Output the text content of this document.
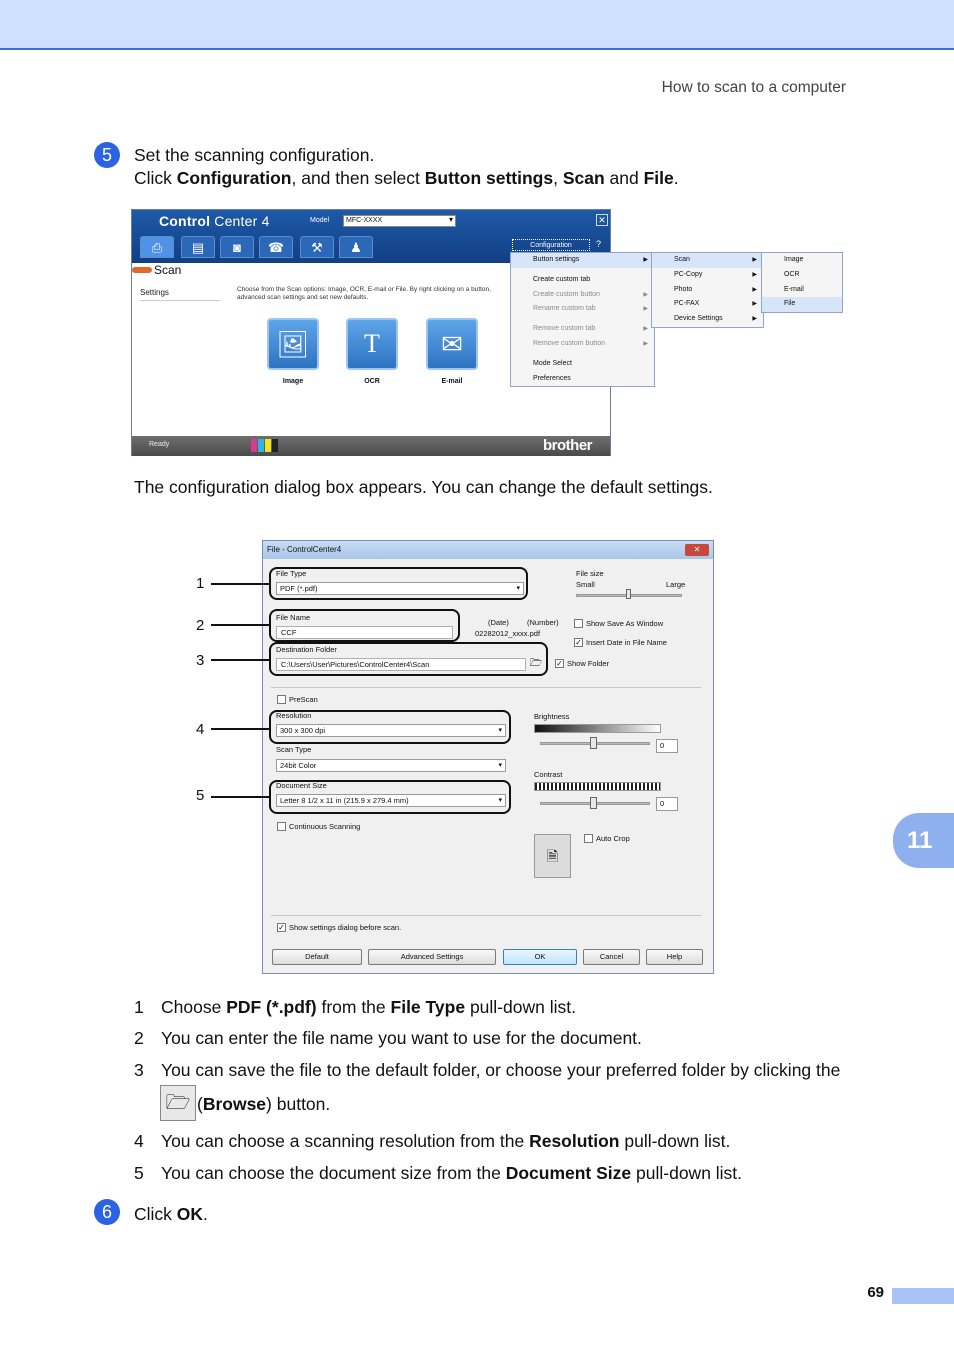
How to scan to a computer
5	Set the scanning configuration.
Click Configuration, and then select Button settings, Scan and File.
Control Center 4	Model	MFC-XXXX ▾	✕
⎙	▤	◙	☎	⚒	♟	Configuration	?
Scan
Settings	Choose from the Scan options: Image, OCR, E-mail or File. By right clicking on a button, advanced scan settings and set new defaults.
🖼
Image
T
OCR
✉
E-mail
Ready	brother
Button settings	▶
Create custom tab
Create custom button	▶
Rename custom tab	▶
Remove custom tab	▶
Remove custom button	▶
Mode Select
Preferences
Scan	▶
PC-Copy	▶
Photo	▶
PC-FAX	▶
Device Settings	▶
Image
OCR
E-mail
File
The configuration dialog box appears. You can change the default settings.
File - ControlCenter4	✕
File Type
PDF (*.pdf) ▾
File size
Small	Large
File Name
(Date) (Number)
CCF	02282012_xxxx.pdf
Show Save As Window
✓ Insert Date in File Name
Destination Folder
C:\Users\User\Pictures\ControlCenter4\Scan	🗁 ✓ Show Folder
PreScan
Resolution
300 x 300 dpi ▾
Scan Type
24bit Color ▾
Document Size
Letter 8 1/2 x 11 in (215.9 x 279.4 mm) ▾
Continuous Scanning
Brightness
0
Contrast
0
🗎
Auto Crop
✓ Show settings dialog before scan.
Default	Advanced Settings	OK	Cancel	Help
1
2
3
4
5
1 Choose PDF (*.pdf) from the File Type pull-down list.
2 You can enter the file name you want to use for the document.
3 You can save the file to the default folder, or choose your preferred folder by clicking the
🗁 (Browse) button.
4 You can choose a scanning resolution from the Resolution pull-down list.
5 You can choose the document size from the Document Size pull-down list.
6	Click OK.
11
69
